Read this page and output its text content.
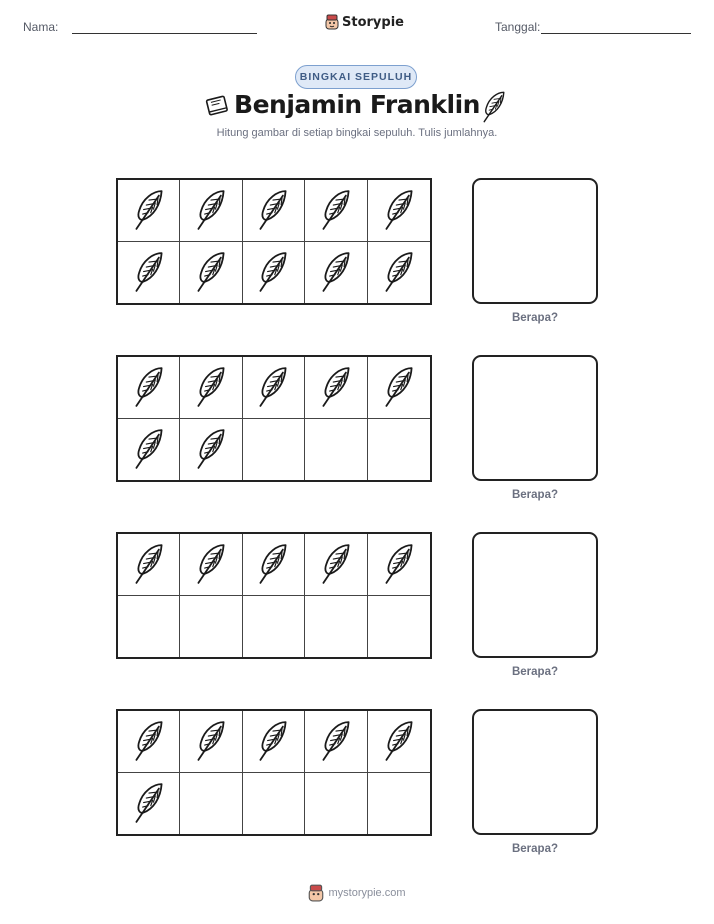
Nama:	Storypie	Tanggal:
BINGKAI SEPULUH
Benjamin Franklin
Hitung gambar di setiap bingkai sepuluh. Tulis jumlahnya.
Berapa?
Berapa?
Berapa?
Berapa?
mystorypie.com
